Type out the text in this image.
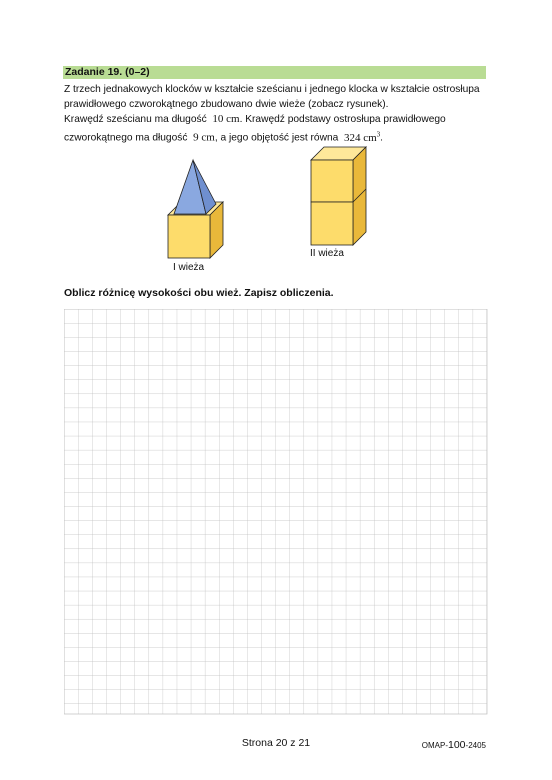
Zadanie 19. (0–2)

Z trzech jednakowych klocków w kształcie sześcianu i jednego klocka w kształcie ostrosłupa

prawidłowego czworokątnego zbudowano dwie wieże (zobacz rysunek).

Krawędź sześcianu ma długość 10 cm. Krawędź podstawy ostrosłupa prawidłowego

czworokątnego ma długość 9 cm, a jego objętość jest równa 324 $cm^3$.

I wieża
II wieża
Oblicz różnicę wysokości obu wież. Zapisz obliczenia.
Strona 20 z 21	OMAP-100-2405
